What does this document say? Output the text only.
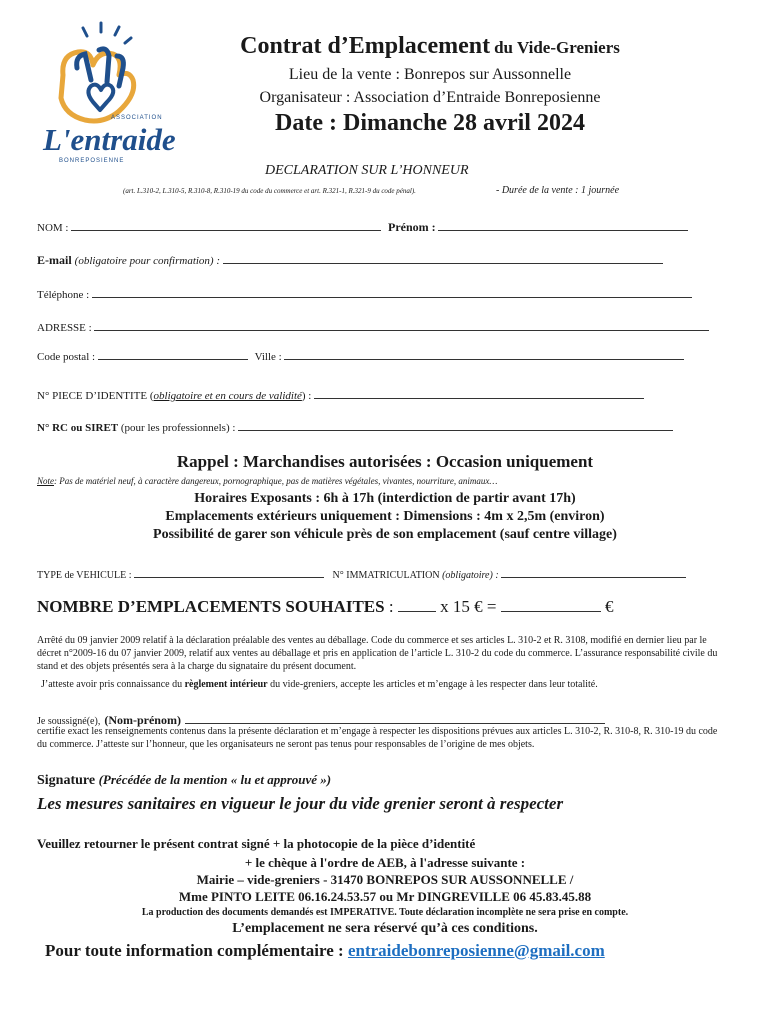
ASSOCIATION
L'entraide
BONREPOSIENNE
Contrat d’Emplacement du Vide-Greniers
Lieu de la vente : Bonrepos sur Aussonnelle
Organisateur : Association d’Entraide Bonreposienne
Date : Dimanche 28 avril 2024
DECLARATION SUR L’HONNEUR
(art. L.310-2, L.310-5, R.310-8, R.310-19 du code du commerce et art. R.321-1, R.321-9 du code pénal).	- Durée de la vente : 1 journée
NOM :	Prénom :
E-mail (obligatoire pour confirmation) :
Téléphone :
ADRESSE :
Code postal :	Ville :
N° PIECE D’IDENTITE (obligatoire et en cours de validité) :
N° RC ou SIRET (pour les professionnels) :
Rappel : Marchandises autorisées : Occasion uniquement
Note: Pas de matériel neuf, à caractère dangereux, pornographique, pas de matières végétales, vivantes, nourriture, animaux…
Horaires Exposants : 6h à 17h (interdiction de partir avant 17h)
Emplacements extérieurs uniquement : Dimensions : 4m x 2,5m (environ)
Possibilité de garer son véhicule près de son emplacement (sauf centre village)
TYPE de VEHICULE :	N° IMMATRICULATION (obligatoire) :
NOMBRE D’EMPLACEMENTS SOUHAITES :	x 15 € =	€
Arrêté du 09 janvier 2009 relatif à la déclaration préalable des ventes au déballage. Code du commerce et ses articles L. 310-2 et R. 3108, modifié en dernier lieu par le décret n°2009-16 du 07 janvier 2009, relatif aux ventes au déballage et pris en application de l’article L. 310-2 du code du commerce. L’assurance responsabilité civile du stand et des objets présentés sera à la charge du signataire du présent document.
J’atteste avoir pris connaissance du règlement intérieur du vide-greniers, accepte les articles et m’engage à les respecter dans leur totalité.
Je soussigné(e), (Nom-prénom)
certifie exact les renseignements contenus dans la présente déclaration et m’engage à respecter les dispositions prévues aux articles L. 310-2, R. 310-8, R. 310-19 du code du commerce. J’atteste sur l’honneur, que les organisateurs ne seront pas tenus pour responsables de l’origine de mes objets.
Signature (Précédée de la mention « lu et approuvé »)
Les mesures sanitaires en vigueur le jour du vide grenier seront à respecter
Veuillez retourner le présent contrat signé + la photocopie de la pièce d’identité
+ le chèque à l'ordre de AEB, à l'adresse suivante :
Mairie – vide-greniers - 31470 BONREPOS SUR AUSSONNELLE /
Mme PINTO LEITE 06.16.24.53.57 ou Mr DINGREVILLE 06 45.83.45.88
La production des documents demandés est IMPERATIVE. Toute déclaration incomplète ne sera prise en compte.
L’emplacement ne sera réservé qu’à ces conditions.
Pour toute information complémentaire : entraidebonreposienne@gmail.com
